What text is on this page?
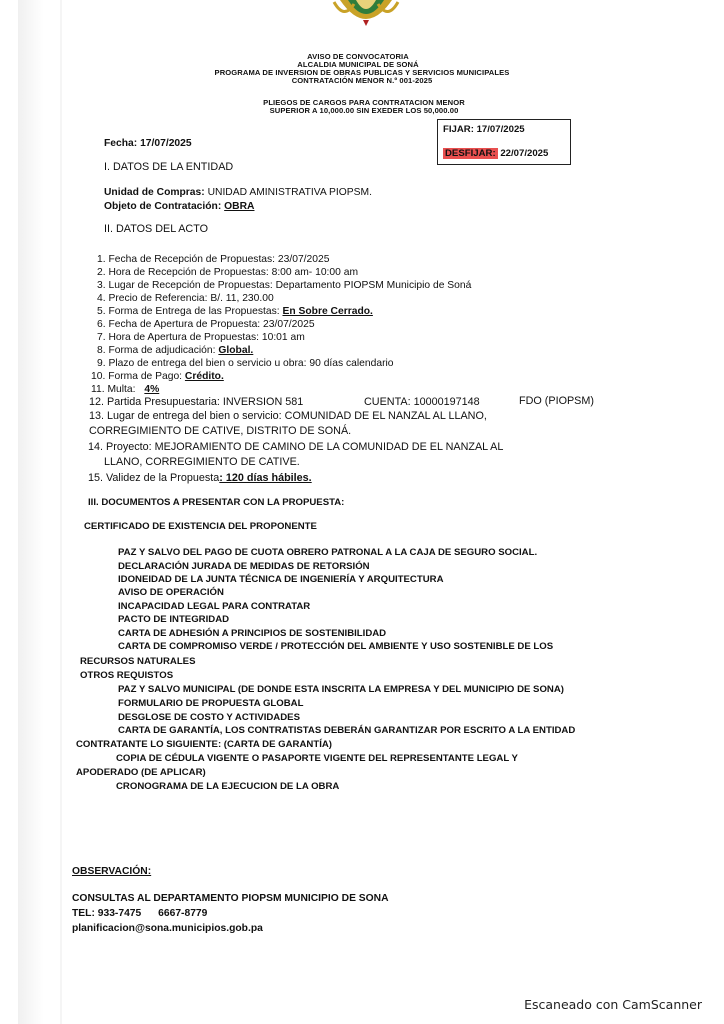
AVISO DE CONVOCATORIA
ALCALDIA MUNICIPAL DE SONÁ
PROGRAMA DE INVERSION DE OBRAS PUBLICAS Y SERVICIOS MUNICIPALES
CONTRATACIÓN MENOR N.º 001-2025
PLIEGOS DE CARGOS PARA CONTRATACION MENOR
SUPERIOR A 10,000.00 SIN EXEDER LOS 50,000.00
Fecha: 17/07/2025
FIJAR: 17/07/2025
DESFIJAR: 22/07/2025
I. DATOS DE LA ENTIDAD
Unidad de Compras: UNIDAD AMINISTRATIVA PIOPSM.
Objeto de Contratación: OBRA
II. DATOS DEL ACTO
1. Fecha de Recepción de Propuestas: 23/07/2025
2. Hora de Recepción de Propuestas: 8:00 am- 10:00 am
3. Lugar de Recepción de Propuestas: Departamento PIOPSM Municipio de Soná
4. Precio de Referencia: B/. 11, 230.00
5. Forma de Entrega de las Propuestas: En Sobre Cerrado.
6. Fecha de Apertura de Propuesta: 23/07/2025
7. Hora de Apertura de Propuestas: 10:01 am
8. Forma de adjudicación: Global.
9. Plazo de entrega del bien o servicio u obra: 90 días calendario
10. Forma de Pago: Crédito.
11. Multa: 4%
12. Partida Presupuestaria: INVERSION 581	CUENTA: 10000197148	FDO (PIOPSM)
13. Lugar de entrega del bien o servicio: COMUNIDAD DE EL NANZAL AL LLANO,
CORREGIMIENTO DE CATIVE, DISTRITO DE SONÁ.
14. Proyecto: MEJORAMIENTO DE CAMINO DE LA COMUNIDAD DE EL NANZAL AL
LLANO, CORREGIMIENTO DE CATIVE.
15. Validez de la Propuesta: 120 días hábiles.
III. DOCUMENTOS A PRESENTAR CON LA PROPUESTA:
CERTIFICADO DE EXISTENCIA DEL PROPONENTE
PAZ Y SALVO DEL PAGO DE CUOTA OBRERO PATRONAL A LA CAJA DE SEGURO SOCIAL.
DECLARACIÓN JURADA DE MEDIDAS DE RETORSIÓN
IDONEIDAD DE LA JUNTA TÉCNICA DE INGENIERÍA Y ARQUITECTURA
AVISO DE OPERACIÓN
INCAPACIDAD LEGAL PARA CONTRATAR
PACTO DE INTEGRIDAD
CARTA DE ADHESIÓN A PRINCIPIOS DE SOSTENIBILIDAD
CARTA DE COMPROMISO VERDE / PROTECCIÓN DEL AMBIENTE Y USO SOSTENIBLE DE LOS
RECURSOS NATURALES
OTROS REQUISTOS
PAZ Y SALVO MUNICIPAL (DE DONDE ESTA INSCRITA LA EMPRESA Y DEL MUNICIPIO DE SONA)
FORMULARIO DE PROPUESTA GLOBAL
DESGLOSE DE COSTO Y ACTIVIDADES
CARTA DE GARANTÍA, LOS CONTRATISTAS DEBERÁN GARANTIZAR POR ESCRITO A LA ENTIDAD
CONTRATANTE LO SIGUIENTE: (CARTA DE GARANTÍA)
COPIA DE CÉDULA VIGENTE O PASAPORTE VIGENTE DEL REPRESENTANTE LEGAL Y
APODERADO (DE APLICAR)
CRONOGRAMA DE LA EJECUCION DE LA OBRA
OBSERVACIÓN:
CONSULTAS AL DEPARTAMENTO PIOPSM MUNICIPIO DE SONA
TEL: 933-7475 6667-8779
planificacion@sona.municipios.gob.pa
Escaneado con CamScanner
